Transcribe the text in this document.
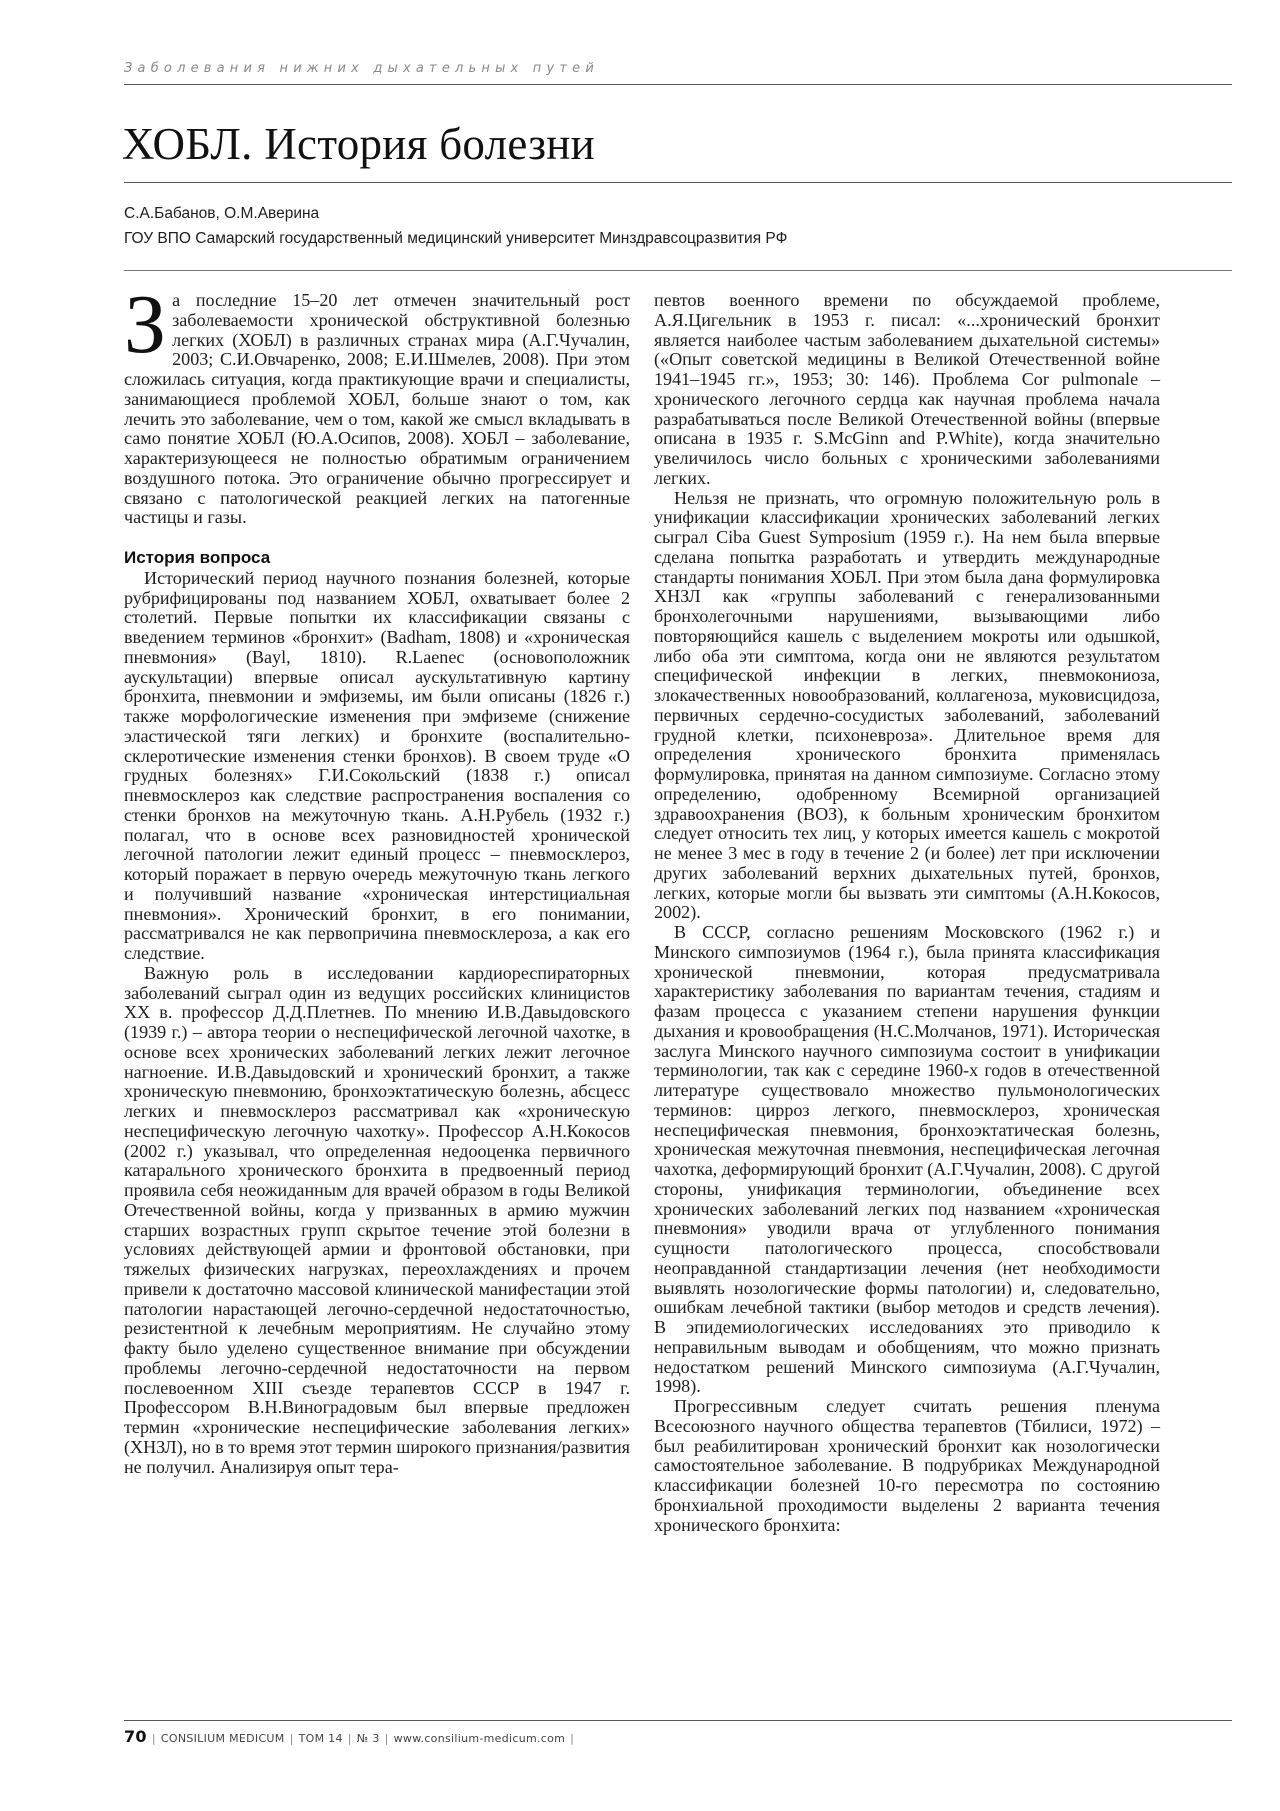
Заболевания нижних дыхательных путей
ХОБЛ. История болезни
С.А.Бабанов, О.М.Аверина
ГОУ ВПО Самарский государственный медицинский университет Минздравсоцразвития РФ

За последние 15–20 лет отмечен значительный рост заболеваемости хронической обструктивной болезнью легких (ХОБЛ) в различных странах мира (А.Г.Чучалин, 2003; С.И.Овчаренко, 2008; Е.И.Шмелев, 2008). При этом сложилась ситуация, когда практикующие врачи и специалисты, занимающиеся проблемой ХОБЛ, больше знают о том, как лечить это заболевание, чем о том, какой же смысл вкладывать в само понятие ХОБЛ (Ю.А.Осипов, 2008). ХОБЛ – заболевание, характеризующееся не полностью обратимым ограничением воздушного потока. Это ограничение обычно прогрессирует и связано с патологической реакцией легких на патогенные частицы и газы.

История вопроса

Исторический период научного познания болезней, которые рубрифицированы под названием ХОБЛ, охватывает более 2 столетий. Первые попытки их классификации связаны с введением терминов «бронхит» (Badham, 1808) и «хроническая пневмония» (Bayl, 1810). R.Laenec (основоположник аускультации) впервые описал аускультативную картину бронхита, пневмонии и эмфиземы, им были описаны (1826 г.) также морфологические изменения при эмфиземе (снижение эластической тяги легких) и бронхите (воспалительно-склеротические изменения стенки бронхов). В своем труде «О грудных болезнях» Г.И.Сокольский (1838 г.) описал пневмосклероз как следствие распространения воспаления со стенки бронхов на межуточную ткань. А.Н.Рубель (1932 г.) полагал, что в основе всех разновидностей хронической легочной патологии лежит единый процесс – пневмосклероз, который поражает в первую очередь межуточную ткань легкого и получивший название «хроническая интерстициальная пневмония». Хронический бронхит, в его понимании, рассматривался не как первопричина пневмосклероза, а как его следствие.

Важную роль в исследовании кардиореспираторных заболеваний сыграл один из ведущих российских клиницистов XX в. профессор Д.Д.Плетнев. По мнению И.В.Давыдовского (1939 г.) – автора теории о неспецифической легочной чахотке, в основе всех хронических заболеваний легких лежит легочное нагноение. И.В.Давыдовский и хронический бронхит, а также хроническую пневмонию, бронхоэктатическую болезнь, абсцесс легких и пневмосклероз рассматривал как «хроническую неспецифическую легочную чахотку». Профессор А.Н.Кокосов (2002 г.) указывал, что определенная недооценка первичного катарального хронического бронхита в предвоенный период проявила себя неожиданным для врачей образом в годы Великой Отечественной войны, когда у призванных в армию мужчин старших возрастных групп скрытое течение этой болезни в условиях действующей армии и фронтовой обстановки, при тяжелых физических нагрузках, переохлаждениях и прочем привели к достаточно массовой клинической манифестации этой патологии нарастающей легочно-сердечной недостаточностью, резистентной к лечебным мероприятиям. Не случайно этому факту было уделено существенное внимание при обсуждении проблемы легочно-сердечной недостаточности на первом послевоенном XIII съезде терапевтов СССР в 1947 г. Профессором В.Н.Виноградовым был впервые предложен термин «хронические неспецифические заболевания легких» (ХНЗЛ), но в то время этот термин широкого признания/развития не получил. Анализируя опыт тера-

певтов военного времени по обсуждаемой проблеме, А.Я.Цигельник в 1953 г. писал: «...хронический бронхит является наиболее частым заболеванием дыхательной системы» («Опыт советской медицины в Великой Отечественной войне 1941–1945 гг.», 1953; 30: 146). Проблема Cor pulmonale – хронического легочного сердца как научная проблема начала разрабатываться после Великой Отечественной войны (впервые описана в 1935 г. S.McGinn and P.White), когда значительно увеличилось число больных с хроническими заболеваниями легких.

Нельзя не признать, что огромную положительную роль в унификации классификации хронических заболеваний легких сыграл Ciba Guest Symposium (1959 г.). На нем была впервые сделана попытка разработать и утвердить международные стандарты понимания ХОБЛ. При этом была дана формулировка ХНЗЛ как «группы заболеваний с генерализованными бронхолегочными нарушениями, вызывающими либо повторяющийся кашель с выделением мокроты или одышкой, либо оба эти симптома, когда они не являются результатом специфической инфекции в легких, пневмокониоза, злокачественных новообразований, коллагеноза, муковисцидоза, первичных сердечно-сосудистых заболеваний, заболеваний грудной клетки, психоневроза». Длительное время для определения хронического бронхита применялась формулировка, принятая на данном симпозиуме. Согласно этому определению, одобренному Всемирной организацией здравоохранения (ВОЗ), к больным хроническим бронхитом следует относить тех лиц, у которых имеется кашель с мокротой не менее 3 мес в году в течение 2 (и более) лет при исключении других заболеваний верхних дыхательных путей, бронхов, легких, которые могли бы вызвать эти симптомы (А.Н.Кокосов, 2002).

В СССР, согласно решениям Московского (1962 г.) и Минского симпозиумов (1964 г.), была принята классификация хронической пневмонии, которая предусматривала характеристику заболевания по вариантам течения, стадиям и фазам процесса с указанием степени нарушения функции дыхания и кровообращения (Н.С.Молчанов, 1971). Историческая заслуга Минского научного симпозиума состоит в унификации терминологии, так как с середине 1960-х годов в отечественной литературе существовало множество пульмонологических терминов: цирроз легкого, пневмосклероз, хроническая неспецифическая пневмония, бронхоэктатическая болезнь, хроническая межуточная пневмония, неспецифическая легочная чахотка, деформирующий бронхит (А.Г.Чучалин, 2008). С другой стороны, унификация терминологии, объединение всех хронических заболеваний легких под названием «хроническая пневмония» уводили врача от углубленного понимания сущности патологического процесса, способствовали неоправданной стандартизации лечения (нет необходимости выявлять нозологические формы патологии) и, следовательно, ошибкам лечебной тактики (выбор методов и средств лечения). В эпидемиологических исследованиях это приводило к неправильным выводам и обобщениям, что можно признать недостатком решений Минского симпозиума (А.Г.Чучалин, 1998).

Прогрессивным следует считать решения пленума Всесоюзного научного общества терапевтов (Тбилиси, 1972) – был реабилитирован хронический бронхит как нозологически самостоятельное заболевание. В подрубриках Международной классификации болезней 10-го пересмотра по состоянию бронхиальной проходимости выделены 2 варианта течения хронического бронхита:

70 | CONSILIUM MEDICUM | ТОМ 14 | № 3 | www.consilium-medicum.com |
